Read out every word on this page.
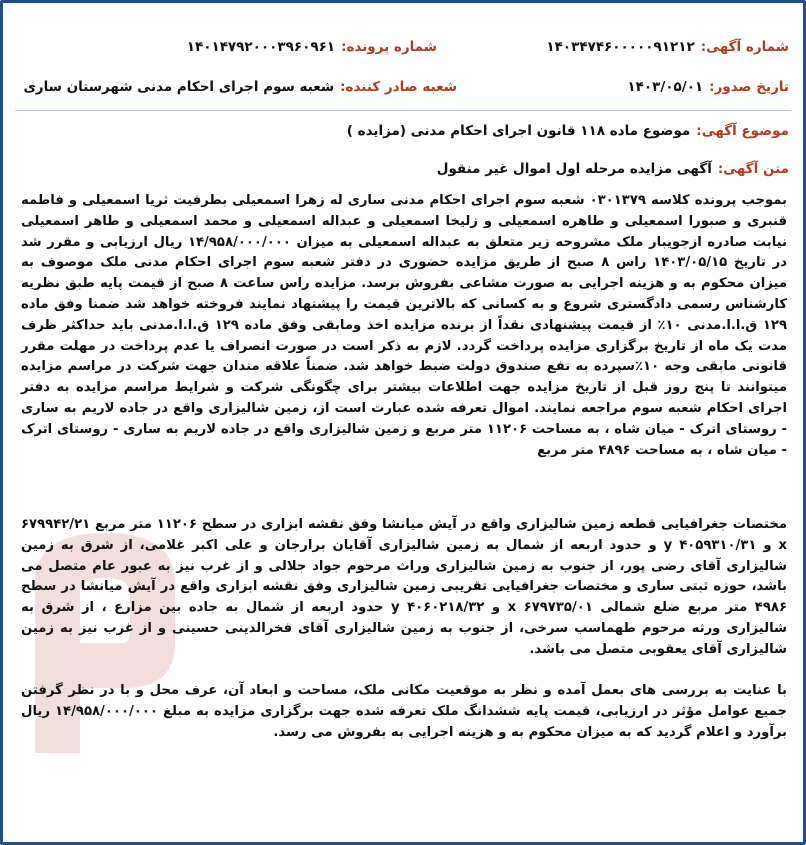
شماره آگهی:۱۴۰۳۴۷۴۶۰۰۰۰۰۹۱۲۱۲
شماره پرونده:۱۴۰۱۴۷۹۲۰۰۰۳۹۶۰۹۶۱
تاریخ صدور:۱۴۰۳/۰۵/۰۱
شعبه صادر کننده:شعبه سوم اجرای احکام مدنی شهرستان ساری
موضوع آگهی:موضوع ماده ۱۱۸ قانون اجرای احکام مدنی (مزایده )
متن آگهی:آگهی مزایده مرحله اول اموال غیر منقول
بموجب پرونده کلاسه ۰۳۰۱۳۷۹ شعبه سوم اجرای احکام مدنی ساری له زهرا اسمعیلی بطرفیت ثریا اسمعیلی و فاطمه قنبری و صبورا اسمعیلی و طاهره اسمعیلی و زلیخا اسمعیلی و عبداله اسمعیلی و محمد اسمعیلی و طاهر اسمعیلی نیابت صادره ازجویبار ملک مشروحه زیر متعلق به عبداله اسمعیلی به میزان ۱۴/۹۵۸/۰۰۰/۰۰۰ ریال ارزیابی و مقرر شد در تاریخ ۱۴۰۳/۰۵/۱۵ راس ۸ صبح از طریق مزایده حضوری در دفتر شعبه سوم اجرای احکام مدنی ملک موصوف به میزان محکوم به و هزینه اجرایی به صورت مشاعی بفروش برسد. مزایده راس ساعت ۸ صبح از قیمت پایه طبق نظریه کارشناس رسمی دادگستری شروع و به کسانی که بالاترین قیمت را پیشنهاد نمایند فروخته خواهد شد ضمنا وفق ماده ۱۲۹ ق.ا.ا.مدنی ۱۰٪ از قیمت پیشنهادی نقداً از برنده مزایده اخذ ومابقی وفق ماده ۱۲۹ ق.ا.ا.مدنی باید حداکثر ظرف مدت یک ماه از تاریخ برگزاری مزایده پرداخت گردد. لازم به ذکر است در صورت انصراف یا عدم پرداخت در مهلت مقرر قانونی مابقی وجه ۱۰٪سپرده به نفع صندوق دولت ضبط خواهد شد. ضمناً علاقه مندان جهت شرکت در مراسم مزایده میتوانند تا پنج روز قبل از تاریخ مزایده جهت اطلاعات بیشتر برای چگونگی شرکت و شرایط مراسم مزایده به دفتر اجرای احکام شعبه سوم مراجعه نمایند. اموال تعرفه شده عبارت است از، زمین شالیزاری واقع در جاده لاریم به ساری - روستای اترک - میان شاه ، به مساحت ۱۱۲۰۶ متر مربع و زمین شالیزاری واقع در جاده لاریم به ساری - روستای اترک - میان شاه ، به مساحت ۴۸۹۶ متر مربع
مختصات جغرافیایی قطعه زمین شالیزاری واقع در آیش میانشا وفق نقشه ابزاری در سطح ۱۱۲۰۶ متر مربع ۶۷۹۹۴۲/۲۱ x و ۴۰۵۹۳۱۰/۳۱ y و حدود اربعه از شمال به زمین شالیزاری آقایان برارجان و علی اکبر غلامی، از شرق به زمین شالیزاری آقای رضی پور، از جنوب به زمین شالیزاری وراث مرحوم جواد جلالی و از غرب نیز به عبور عام متصل می باشد، حوزه ثبتی ساری و مختصات جغرافیایی تقریبی زمین شالیزاری وفق نقشه ابزاری واقع در آیش میانشا در سطح ۴۹۸۶ متر مربع ضلع شمالی ۶۷۹۷۳۵/۰۱ x و ۴۰۶۰۲۱۸/۳۲ y حدود اربعه از شمال به جاده بین مزارع ، از شرق به شالیزاری ورثه مرحوم طهماسب سرخی، از جنوب به زمین شالیزاری آقای فخرالدینی حسینی و از غرب نیز به زمین شالیزاری آقای یعقوبی متصل می باشد.
با عنایت به بررسی های بعمل آمده و نظر به موقعیت مکانی ملک، مساحت و ابعاد آن، عرف محل و با در نظر گرفتن جمیع عوامل مؤثر در ارزیابی، قیمت پایه ششدانگ ملک تعرفه شده جهت برگزاری مزایده به مبلغ ۱۴/۹۵۸/۰۰۰/۰۰۰ ریال برآورد و اعلام گردید که به میزان محکوم به و هزینه اجرایی به بفروش می رسد.
